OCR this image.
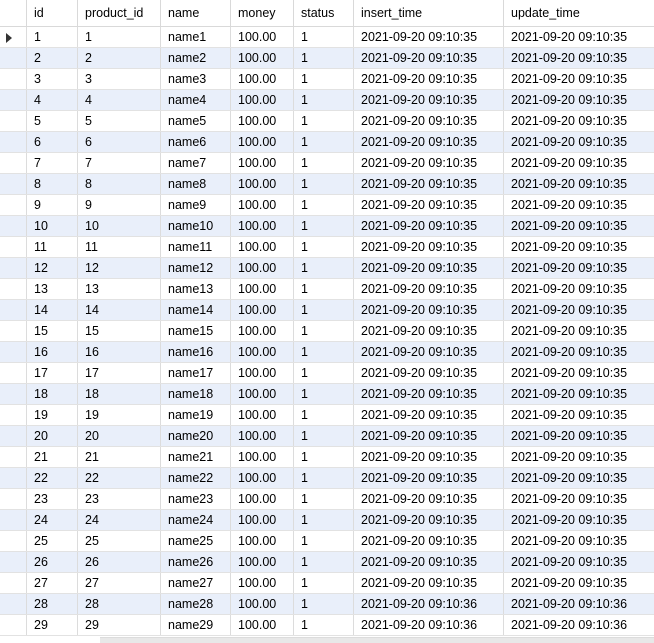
id	product_id	name	money	status	insert_time	update_time
1	1	name1	100.00	1	2021-09-20 09:10:35	2021-09-20 09:10:35
2	2	name2	100.00	1	2021-09-20 09:10:35	2021-09-20 09:10:35
3	3	name3	100.00	1	2021-09-20 09:10:35	2021-09-20 09:10:35
4	4	name4	100.00	1	2021-09-20 09:10:35	2021-09-20 09:10:35
5	5	name5	100.00	1	2021-09-20 09:10:35	2021-09-20 09:10:35
6	6	name6	100.00	1	2021-09-20 09:10:35	2021-09-20 09:10:35
7	7	name7	100.00	1	2021-09-20 09:10:35	2021-09-20 09:10:35
8	8	name8	100.00	1	2021-09-20 09:10:35	2021-09-20 09:10:35
9	9	name9	100.00	1	2021-09-20 09:10:35	2021-09-20 09:10:35
10	10	name10	100.00	1	2021-09-20 09:10:35	2021-09-20 09:10:35
11	11	name11	100.00	1	2021-09-20 09:10:35	2021-09-20 09:10:35
12	12	name12	100.00	1	2021-09-20 09:10:35	2021-09-20 09:10:35
13	13	name13	100.00	1	2021-09-20 09:10:35	2021-09-20 09:10:35
14	14	name14	100.00	1	2021-09-20 09:10:35	2021-09-20 09:10:35
15	15	name15	100.00	1	2021-09-20 09:10:35	2021-09-20 09:10:35
16	16	name16	100.00	1	2021-09-20 09:10:35	2021-09-20 09:10:35
17	17	name17	100.00	1	2021-09-20 09:10:35	2021-09-20 09:10:35
18	18	name18	100.00	1	2021-09-20 09:10:35	2021-09-20 09:10:35
19	19	name19	100.00	1	2021-09-20 09:10:35	2021-09-20 09:10:35
20	20	name20	100.00	1	2021-09-20 09:10:35	2021-09-20 09:10:35
21	21	name21	100.00	1	2021-09-20 09:10:35	2021-09-20 09:10:35
22	22	name22	100.00	1	2021-09-20 09:10:35	2021-09-20 09:10:35
23	23	name23	100.00	1	2021-09-20 09:10:35	2021-09-20 09:10:35
24	24	name24	100.00	1	2021-09-20 09:10:35	2021-09-20 09:10:35
25	25	name25	100.00	1	2021-09-20 09:10:35	2021-09-20 09:10:35
26	26	name26	100.00	1	2021-09-20 09:10:35	2021-09-20 09:10:35
27	27	name27	100.00	1	2021-09-20 09:10:35	2021-09-20 09:10:35
28	28	name28	100.00	1	2021-09-20 09:10:36	2021-09-20 09:10:36
29	29	name29	100.00	1	2021-09-20 09:10:36	2021-09-20 09:10:36
